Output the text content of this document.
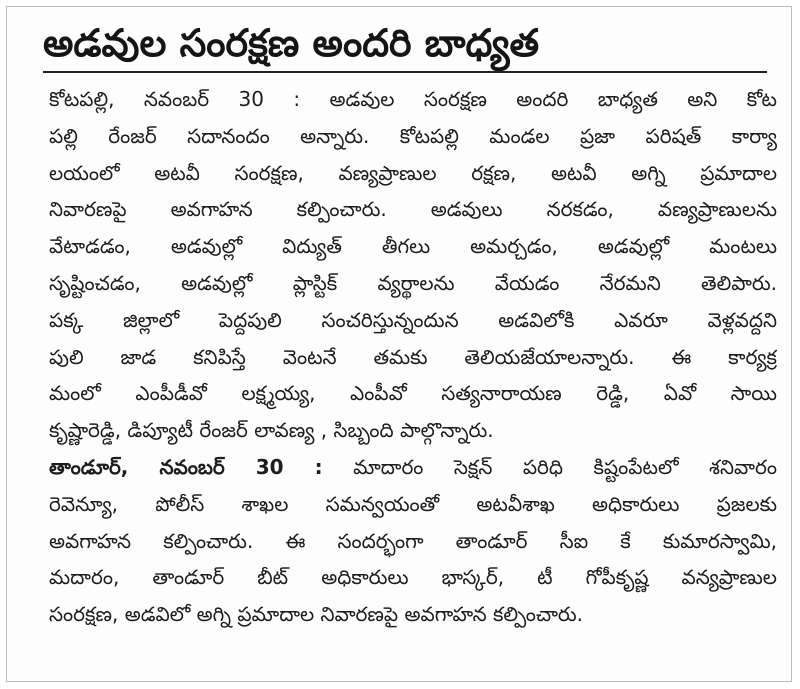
అడవుల సంరక్షణ అందరి బాధ్యత
కోటపల్లి, నవంబర్ 30 : అడవుల సంరక్షణ అందరి బాధ్యత అని కోట
పల్లి రేంజర్ సదానందం అన్నారు. కోటపల్లి మండల ప్రజా పరిషత్ కార్యా
లయంలో అటవీ సంరక్షణ, వణ్యప్రాణుల రక్షణ, అటవీ అగ్ని ప్రమాదాల
నివారణపై అవగాహన కల్పించారు. అడవులు నరకడం, వణ్యప్రాణులను
వేటాడడం, అడవుల్లో విద్యుత్ తీగలు అమర్చడం, అడవుల్లో మంటలు
సృష్టించడం, అడవుల్లో ప్లాస్టిక్ వ్యర్థాలను వేయడం నేరమని తెలిపారు.
పక్క జిల్లాలో పెద్దపులి సంచరిస్తున్నందున అడవిలోకి ఎవరూ వెళ్లవద్దని
పులి జాడ కనిపిస్తే వెంటనే తమకు తెలియజేయాలన్నారు. ఈ కార్యక్ర
మంలో ఎంపీడీవో లక్ష్మయ్య, ఎంపీవో సత్యనారాయణ రెడ్డి, ఏవో సాయి
కృష్ణారెడ్డి, డిప్యూటీ రేంజర్ లావణ్య , సిబ్బంది పాల్గొన్నారు.
తాండూర్, నవంబర్ 30 : మాదారం సెక్షన్ పరిధి కిష్టంపేటలో శనివారం
రెవెన్యూ, పోలీస్ శాఖల సమన్వయంతో అటవీశాఖ అధికారులు ప్రజలకు
అవగాహన కల్పించారు. ఈ సందర్భంగా తాండూర్ సీఐ కే కుమారస్వామి,
మదారం, తాండూర్ బీట్ అధికారులు భాస్కర్, టీ గోపీకృష్ణ వన్యప్రాణుల
సంరక్షణ, అడవిలో అగ్ని ప్రమాదాల నివారణపై అవగాహన కల్పించారు.
